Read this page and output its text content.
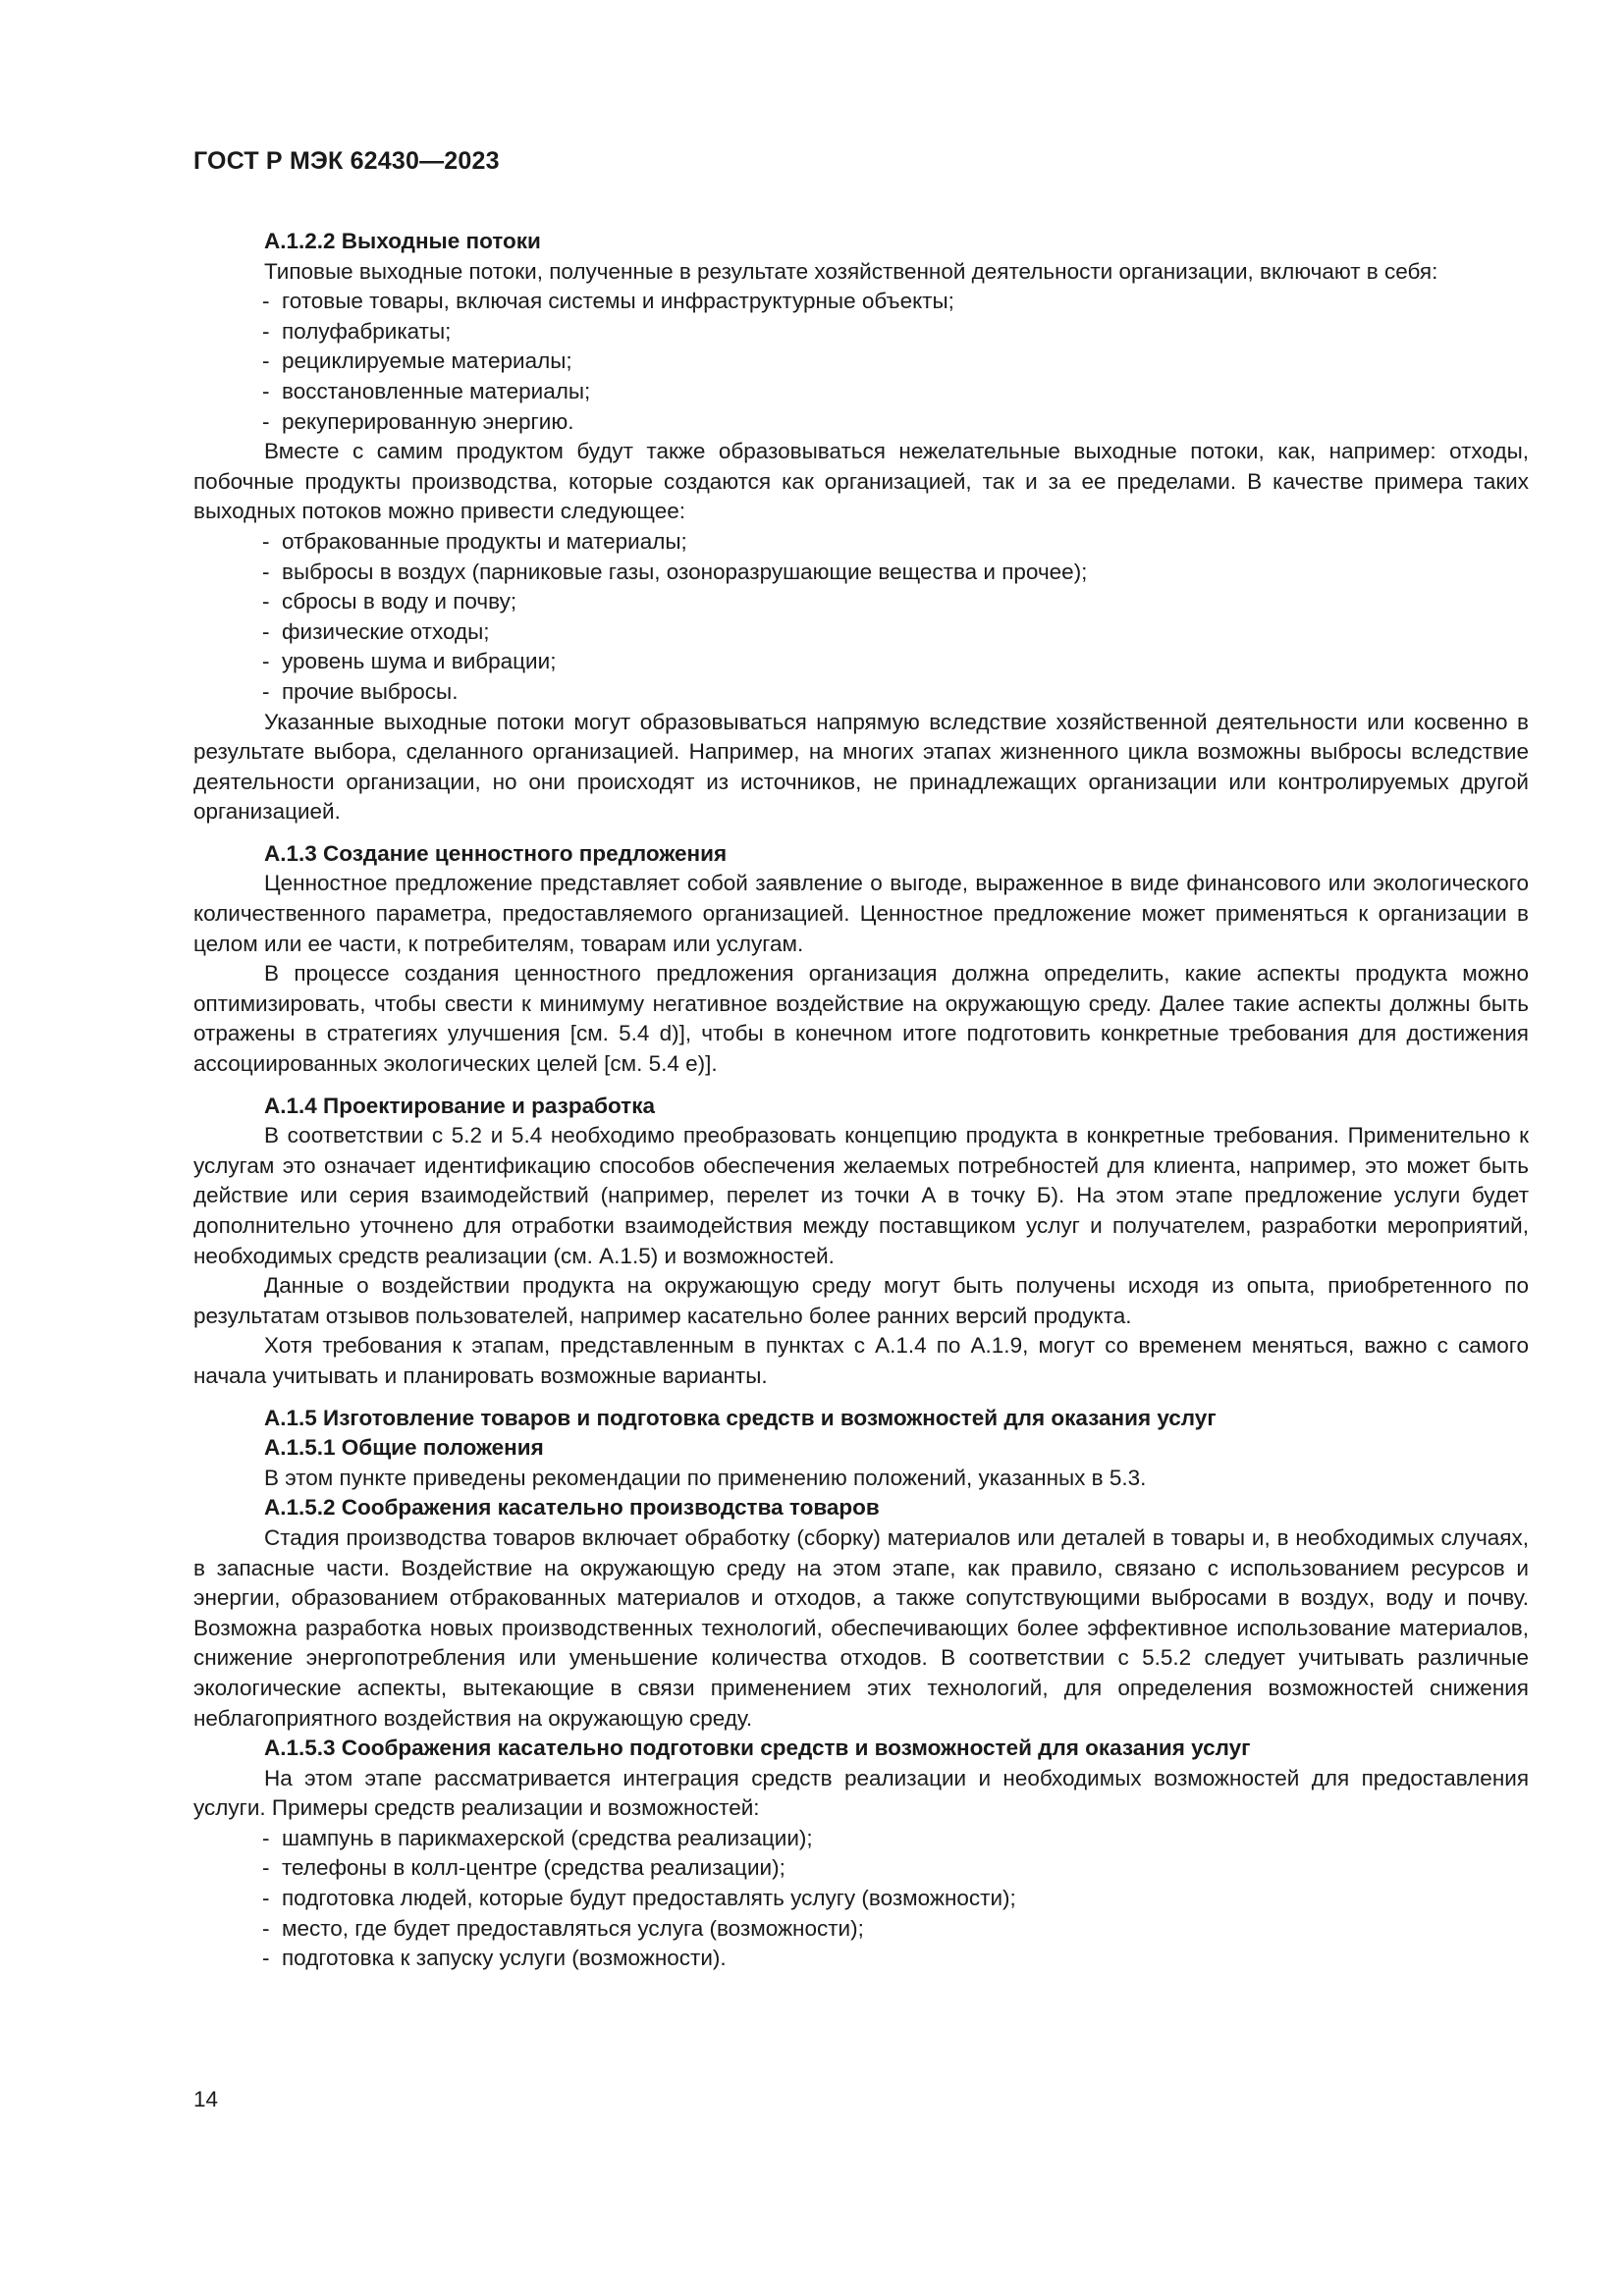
ГОСТ Р МЭК 62430—2023

А.1.2.2 Выходные потоки

Типовые выходные потоки, полученные в результате хозяйственной деятельности организации, включают в себя:

- готовые товары, включая системы и инфраструктурные объекты;
- полуфабрикаты;
- рециклируемые материалы;
- восстановленные материалы;
- рекуперированную энергию.

Вместе с самим продуктом будут также образовываться нежелательные выходные потоки, как, например: отходы, побочные продукты производства, которые создаются как организацией, так и за ее пределами. В качестве примера таких выходных потоков можно привести следующее:

- отбракованные продукты и материалы;
- выбросы в воздух (парниковые газы, озоноразрушающие вещества и прочее);
- сбросы в воду и почву;
- физические отходы;
- уровень шума и вибрации;
- прочие выбросы.

Указанные выходные потоки могут образовываться напрямую вследствие хозяйственной деятельности или косвенно в результате выбора, сделанного организацией. Например, на многих этапах жизненного цикла возможны выбросы вследствие деятельности организации, но они происходят из источников, не принадлежащих организации или контролируемых другой организацией.

А.1.3 Создание ценностного предложения

Ценностное предложение представляет собой заявление о выгоде, выраженное в виде финансового или экологического количественного параметра, предоставляемого организацией. Ценностное предложение может применяться к организации в целом или ее части, к потребителям, товарам или услугам.

В процессе создания ценностного предложения организация должна определить, какие аспекты продукта можно оптимизировать, чтобы свести к минимуму негативное воздействие на окружающую среду. Далее такие аспекты должны быть отражены в стратегиях улучшения [см. 5.4 d)], чтобы в конечном итоге подготовить конкретные требования для достижения ассоциированных экологических целей [см. 5.4 е)].

А.1.4 Проектирование и разработка

В соответствии с 5.2 и 5.4 необходимо преобразовать концепцию продукта в конкретные требования. Применительно к услугам это означает идентификацию способов обеспечения желаемых потребностей для клиента, например, это может быть действие или серия взаимодействий (например, перелет из точки А в точку Б). На этом этапе предложение услуги будет дополнительно уточнено для отработки взаимодействия между поставщиком услуг и получателем, разработки мероприятий, необходимых средств реализации (см. А.1.5) и возможностей.

Данные о воздействии продукта на окружающую среду могут быть получены исходя из опыта, приобретенного по результатам отзывов пользователей, например касательно более ранних версий продукта.

Хотя требования к этапам, представленным в пунктах с А.1.4 по А.1.9, могут со временем меняться, важно с самого начала учитывать и планировать возможные варианты.

А.1.5 Изготовление товаров и подготовка средств и возможностей для оказания услуг

А.1.5.1 Общие положения

В этом пункте приведены рекомендации по применению положений, указанных в 5.3.

А.1.5.2 Соображения касательно производства товаров

Стадия производства товаров включает обработку (сборку) материалов или деталей в товары и, в необходимых случаях, в запасные части. Воздействие на окружающую среду на этом этапе, как правило, связано с использованием ресурсов и энергии, образованием отбракованных материалов и отходов, а также сопутствующими выбросами в воздух, воду и почву. Возможна разработка новых производственных технологий, обеспечивающих более эффективное использование материалов, снижение энергопотребления или уменьшение количества отходов. В соответствии с 5.5.2 следует учитывать различные экологические аспекты, вытекающие в связи применением этих технологий, для определения возможностей снижения неблагоприятного воздействия на окружающую среду.

А.1.5.3 Соображения касательно подготовки средств и возможностей для оказания услуг

На этом этапе рассматривается интеграция средств реализации и необходимых возможностей для предоставления услуги. Примеры средств реализации и возможностей:

- шампунь в парикмахерской (средства реализации);
- телефоны в колл-центре (средства реализации);
- подготовка людей, которые будут предоставлять услугу (возможности);
- место, где будет предоставляться услуга (возможности);
- подготовка к запуску услуги (возможности).
14
